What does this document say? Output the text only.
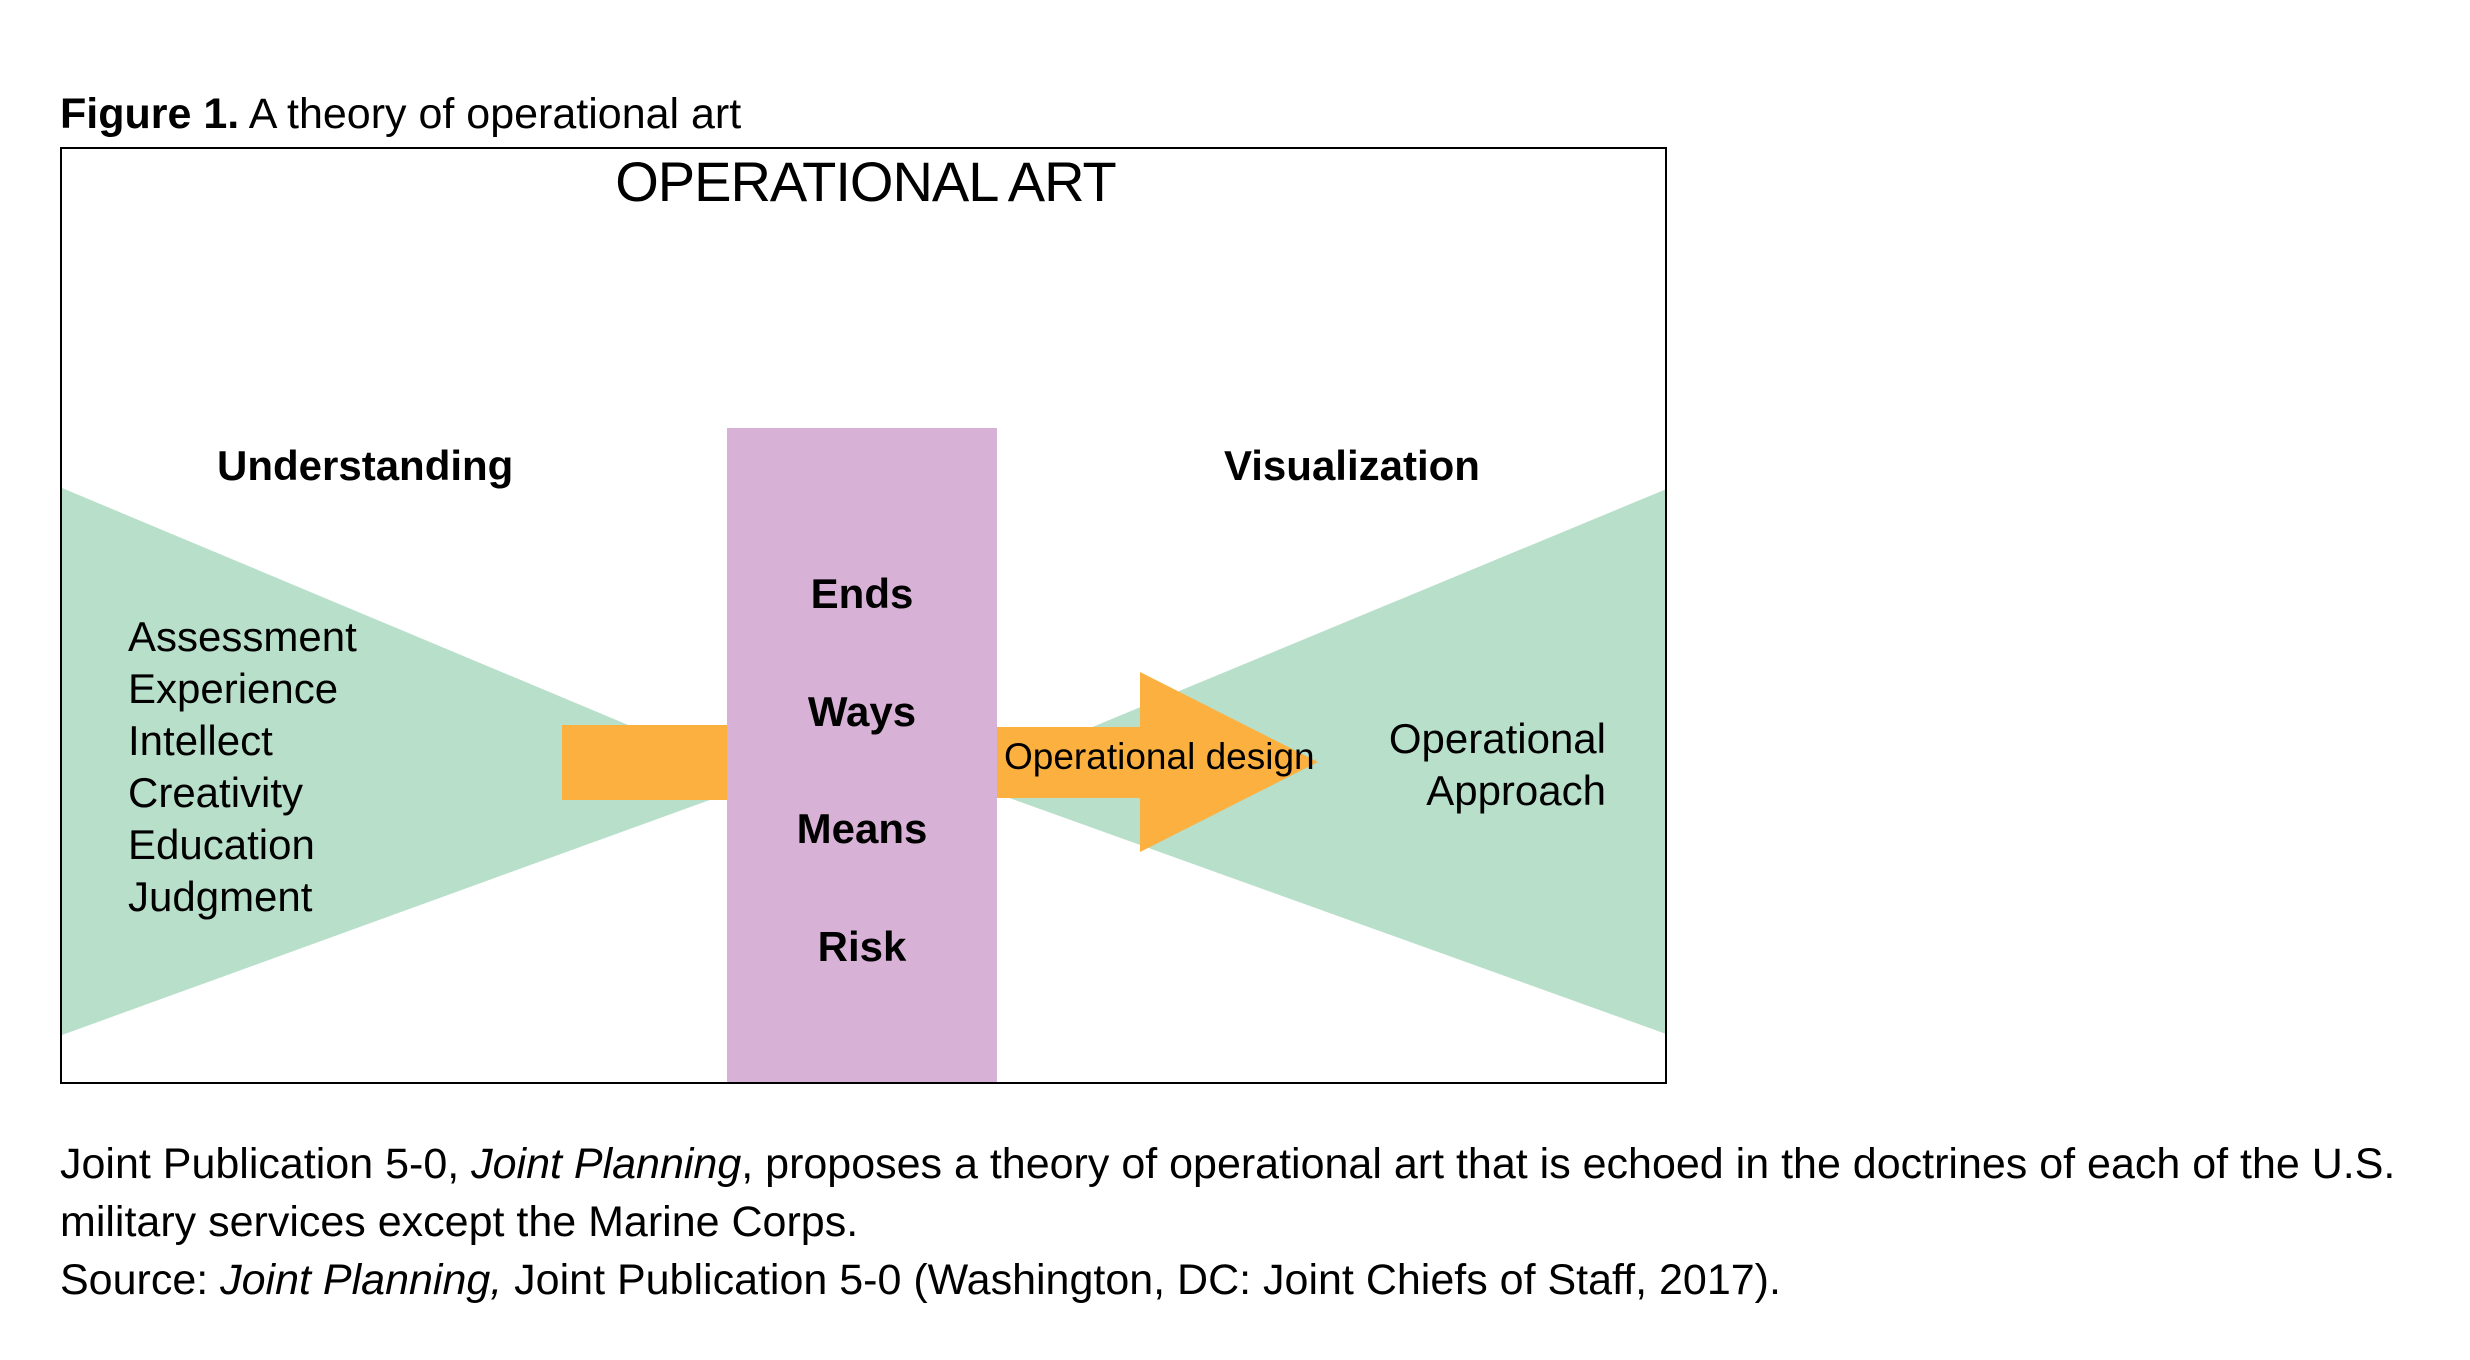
Figure 1. A theory of operational art
OPERATIONAL ART
Understanding	Visualization
Assessment
Experience
Intellect
Creativity
Education
Judgment
Ends
Ways
Means
Risk
Operational design Operational
Approach

Joint Publication 5-0, Joint Planning, proposes a theory of operational art that is echoed in the doctrines of each of the U.S. military services except the Marine Corps.

Source: Joint Planning, Joint Publication 5-0 (Washington, DC: Joint Chiefs of Staff, 2017).
